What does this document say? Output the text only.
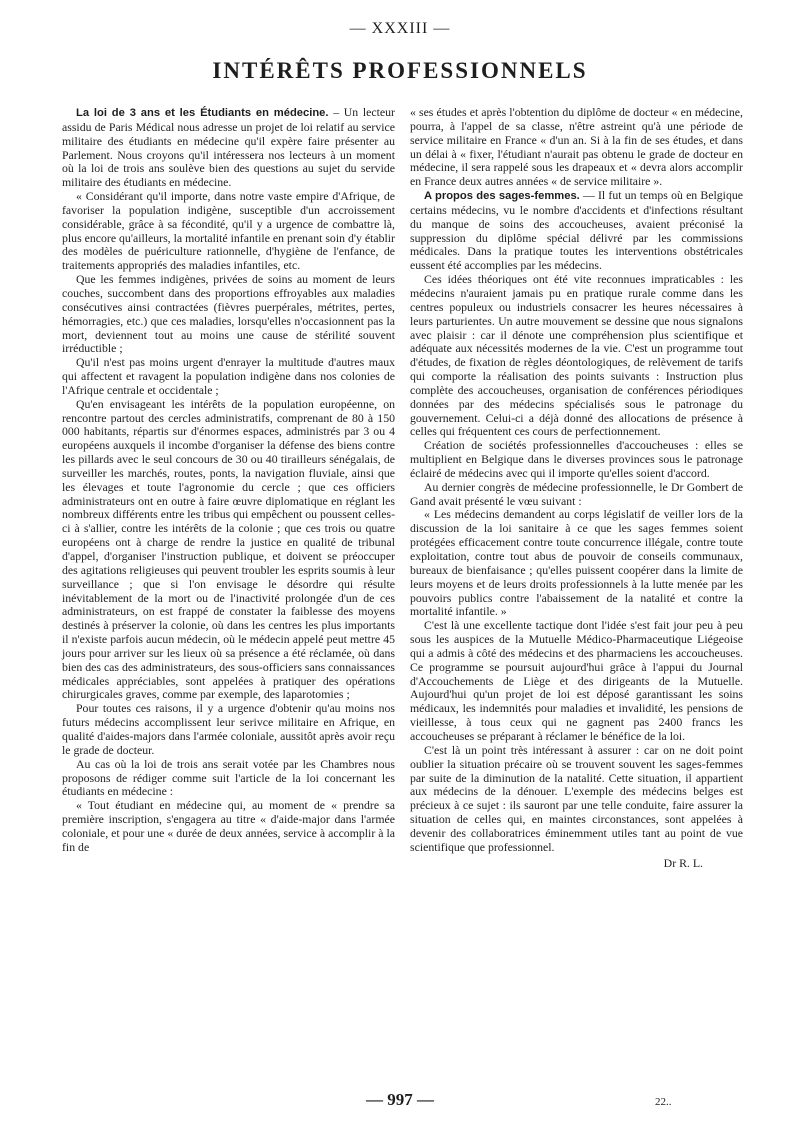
— XXXIII —
INTÉRÊTS PROFESSIONNELS

La loi de 3 ans et les Étudiants en médecine. – Un lecteur assidu de Paris Médical nous adresse un projet de loi relatif au service militaire des étudiants en médecine qu'il expère faire présenter au Parlement. Nous croyons qu'il intéressera nos lecteurs à un moment où la loi de trois ans soulève bien des questions au sujet du servide militaire des étudiants en médecine.

« Considérant qu'il importe, dans notre vaste empire d'Afrique, de favoriser la population indigène, susceptible d'un accroissement considérable, grâce à sa fécondité, qu'il y a urgence de combattre là, plus encore qu'ailleurs, la mortalité infantile en prenant soin d'y établir des modèles de puériculture rationnelle, d'hygiène de l'enfance, de traitements appropriés des maladies infantiles, etc.

Que les femmes indigènes, privées de soins au moment de leurs couches, succombent dans des proportions effroyables aux maladies consécutives ainsi contractées (fièvres puerpérales, métrites, pertes, hémorragies, etc.) que ces maladies, lorsqu'elles n'occasionnent pas la mort, deviennent tout au moins une cause de stérilité souvent irréductible ;

Qu'il n'est pas moins urgent d'enrayer la multitude d'autres maux qui affectent et ravagent la population indigène dans nos colonies de l'Afrique centrale et occidentale ;

Qu'en envisageant les intérêts de la population européenne, on rencontre partout des cercles administratifs, comprenant de 80 à 150 000 habitants, répartis sur d'énormes espaces, administrés par 3 ou 4 européens auxquels il incombe d'organiser la défense des biens contre les pillards avec le seul concours de 30 ou 40 tirailleurs sénégalais, de surveiller les marchés, routes, ponts, la navigation fluviale, ainsi que les élevages et toute l'agronomie du cercle ; que ces officiers administrateurs ont en outre à faire œuvre diplomatique en réglant les nombreux différents entre les tribus qui empêchent ou poussent celles-ci à s'allier, contre les intérêts de la colonie ; que ces trois ou quatre européens ont à charge de rendre la justice en qualité de tribunal d'appel, d'organiser l'instruction publique, et doivent se préoccuper des agitations religieuses qui peuvent troubler les esprits soumis à leur surveillance ; que si l'on envisage le désordre qui résulte inévitablement de la mort ou de l'inactivité prolongée d'un de ces administrateurs, on est frappé de constater la faiblesse des moyens destinés à préserver la colonie, où dans les centres les plus importants il n'existe parfois aucun médecin, où le médecin appelé peut mettre 45 jours pour arriver sur les lieux où sa présence a été réclamée, où dans bien des cas des administrateurs, des sous-officiers sans connaissances médicales appréciables, sont appelées à pratiquer des opérations chirurgicales graves, comme par exemple, des laparotomies ;

Pour toutes ces raisons, il y a urgence d'obtenir qu'au moins nos futurs médecins accomplissent leur serivce militaire en Afrique, en qualité d'aides-majors dans l'armée coloniale, aussitôt après avoir reçu le grade de docteur.

Au cas où la loi de trois ans serait votée par les Chambres nous proposons de rédiger comme suit l'article de la loi concernant les étudiants en médecine :

« Tout étudiant en médecine qui, au moment de « prendre sa première inscription, s'engagera au titre « d'aide-major dans l'armée coloniale, et pour une « durée de deux années, service à accomplir à la fin de

« ses études et après l'obtention du diplôme de docteur « en médecine, pourra, à l'appel de sa classe, n'être astreint qu'à une période de service militaire en France « d'un an. Si à la fin de ses études, et dans un délai à « fixer, l'étudiant n'aurait pas obtenu le grade de docteur en médecine, il sera rappelé sous les drapeaux et « devra alors accomplir en France deux autres années « de service militaire ».

A propos des sages-femmes. — Il fut un temps où en Belgique certains médecins, vu le nombre d'accidents et d'infections résultant du manque de soins des accoucheuses, avaient préconisé la suppression du diplôme spécial délivré par les commissions médicales. Dans la pratique toutes les interventions obstétricales eussent été accomplies par les médecins.

Ces idées théoriques ont été vite reconnues impraticables : les médecins n'auraient jamais pu en pratique rurale comme dans les centres populeux ou industriels consacrer les heures nécessaires à leurs parturientes. Un autre mouvement se dessine que nous signalons avec plaisir : car il dénote une compréhension plus scientifique et adéquate aux nécessités modernes de la vie. C'est un programme tout d'études, de fixation de règles déontologiques, de relèvement de tarifs qui comporte la réalisation des points suivants : Instruction plus complète des accoucheuses, organisation de conférences périodiques données par des médecins spécialisés sous le patronage du gouvernement. Celui-ci a déjà donné des allocations de présence à celles qui fréquentent ces cours de perfectionnement.

Création de sociétés professionnelles d'accoucheuses : elles se multiplient en Belgique dans le diverses provinces sous le patronage éclairé de médecins avec qui il importe qu'elles soient d'accord.

Au dernier congrès de médecine professionnelle, le Dr Gombert de Gand avait présenté le vœu suivant :

« Les médecins demandent au corps législatif de veiller lors de la discussion de la loi sanitaire à ce que les sages femmes soient protégées efficacement contre toute concurrence illégale, contre toute exploitation, contre tout abus de pouvoir de conseils communaux, bureaux de bienfaisance ; qu'elles puissent coopérer dans la limite de leurs moyens et de leurs droits professionnels à la lutte menée par les pouvoirs publics contre l'abaissement de la natalité et contre la mortalité infantile. »

C'est là une excellente tactique dont l'idée s'est fait jour peu à peu sous les auspices de la Mutuelle Médico-Pharmaceutique Liégeoise qui a admis à côté des médecins et des pharmaciens les accoucheuses. Ce programme se poursuit aujourd'hui grâce à l'appui du Journal d'Accouchements de Liège et des dirigeants de la Mutuelle. Aujourd'hui qu'un projet de loi est déposé garantissant les soins médicaux, les indemnités pour maladies et invalidité, les pensions de vieillesse, à tous ceux qui ne gagnent pas 2400 francs les accoucheuses se préparant à réclamer le bénéfice de la loi.

C'est là un point très intéressant à assurer : car on ne doit point oublier la situation précaire où se trouvent souvent les sages-femmes par suite de la diminution de la natalité. Cette situation, il appartient aux médecins de la dénouer. L'exemple des médecins belges est précieux à ce sujet : ils sauront par une telle conduite, faire assurer la situation de celles qui, en maintes circonstances, sont appelées à devenir des collaboratrices éminemment utiles tant au point de vue scientifique que professionnel.

Dr R. L.

— 997 —	22..
